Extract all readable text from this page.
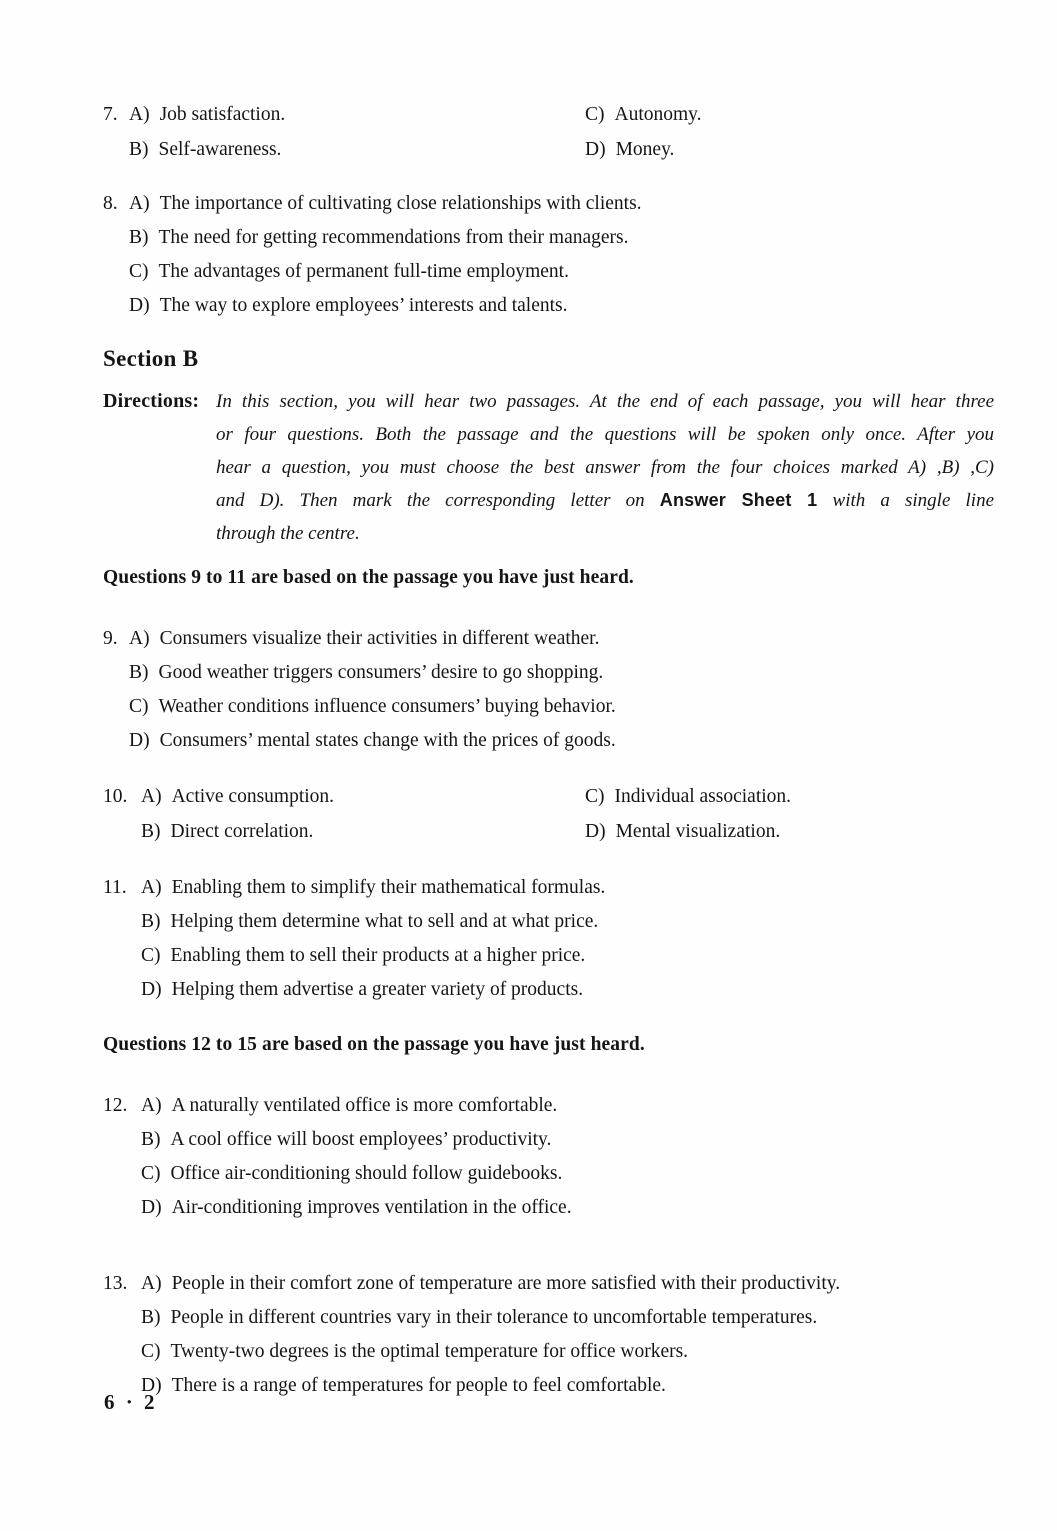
7. A) Job satisfaction.	C) Autonomy.
B) Self-awareness.	D) Money.
8. A) The importance of cultivating close relationships with clients.
B) The need for getting recommendations from their managers.
C) The advantages of permanent full-time employment.
D) The way to explore employees’ interests and talents.
Section B
Directions: In this section, you will hear two passages. At the end of each passage, you will hear three
or four questions. Both the passage and the questions will be spoken only once. After you
hear a question, you must choose the best answer from the four choices marked A) ,B) ,C)
and D). Then mark the corresponding letter on Answer Sheet 1 with a single line
through the centre.
Questions 9 to 11 are based on the passage you have just heard.
9. A) Consumers visualize their activities in different weather.
B) Good weather triggers consumers’ desire to go shopping.
C) Weather conditions influence consumers’ buying behavior.
D) Consumers’ mental states change with the prices of goods.
10. A) Active consumption.	C) Individual association.
B) Direct correlation.	D) Mental visualization.
11. A) Enabling them to simplify their mathematical formulas.
B) Helping them determine what to sell and at what price.
C) Enabling them to sell their products at a higher price.
D) Helping them advertise a greater variety of products.
Questions 12 to 15 are based on the passage you have just heard.
12. A) A naturally ventilated office is more comfortable.
B) A cool office will boost employees’ productivity.
C) Office air-conditioning should follow guidebooks.
D) Air-conditioning improves ventilation in the office.
13. A) People in their comfort zone of temperature are more satisfied with their productivity.
B) People in different countries vary in their tolerance to uncomfortable temperatures.
C) Twenty-two degrees is the optimal temperature for office workers.
D) There is a range of temperatures for people to feel comfortable.
6 · 2
